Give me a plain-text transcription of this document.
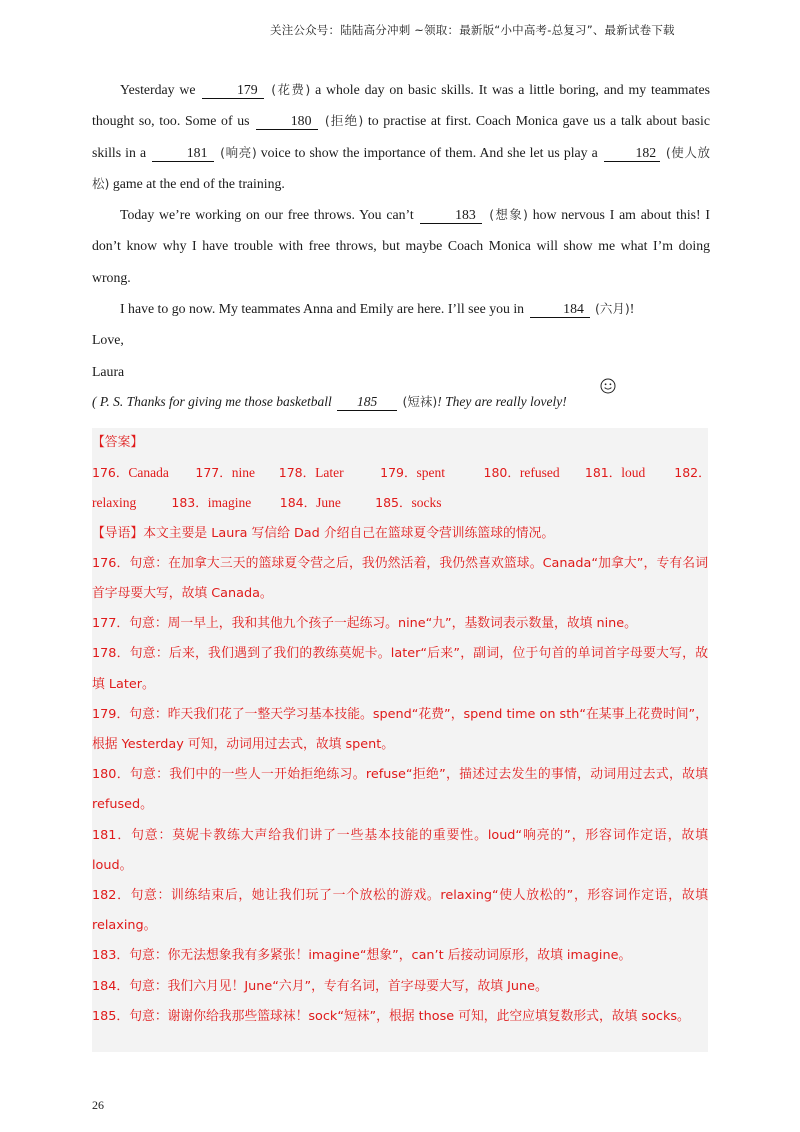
关注公众号：陆陆高分冲刺 ~领取：最新版“小中高考-总复习”、最新试卷下载

Yesterday we	179 (花费) a whole day on basic skills. It was a little boring, and my teammates thought so, too. Some of us	180 (拒绝) to practise at first. Coach Monica gave us a talk about basic skills in a	181 (响亮) voice to show the importance of them. And she let us play a	182 (使人放松) game at the end of the training.

Today we’re working on our free throws. You can’t	183 (想象) how nervous I am about this! I don’t know why I have trouble with free throws, but maybe Coach Monica will show me what I’m doing wrong.

I have to go now. My teammates Anna and Emily are here. I’ll see you in	184 (六月)!

Love,

Laura

( P. S. Thanks for giving me those basketball 185 (短袜)! They are really lovely!

【答案】

176．Canada 177．nine 178．Later	179．spent	180．refused 181．loud 182．

relaxing	183．imagine 184．June	185．socks

【导语】本文主要是 Laura 写信给 Dad 介绍自己在篮球夏令营训练篮球的情况。

176．句意：在加拿大三天的篮球夏令营之后，我仍然活着，我仍然喜欢篮球。Canada“加拿大”，专有名词首字母要大写，故填 Canada。

177．句意：周一早上，我和其他九个孩子一起练习。nine“九”，基数词表示数量，故填 nine。

178．句意：后来，我们遇到了我们的教练莫妮卡。later“后来”，副词，位于句首的单词首字母要大写，故填 Later。

179．句意：昨天我们花了一整天学习基本技能。spend“花费”，spend time on sth“在某事上花费时间”，根据 Yesterday 可知，动词用过去式，故填 spent。

180．句意：我们中的一些人一开始拒绝练习。refuse“拒绝”，描述过去发生的事情，动词用过去式，故填 refused。

181．句意：莫妮卡教练大声给我们讲了一些基本技能的重要性。loud“响亮的”，形容词作定语，故填 loud。

182．句意：训练结束后，她让我们玩了一个放松的游戏。relaxing“使人放松的”，形容词作定语，故填 relaxing。

183．句意：你无法想象我有多紧张！imagine“想象”，can’t 后接动词原形，故填 imagine。

184．句意：我们六月见！June“六月”，专有名词，首字母要大写，故填 June。

185．句意：谢谢你给我那些篮球袜！sock“短袜”，根据 those 可知，此空应填复数形式，故填 socks。

26
